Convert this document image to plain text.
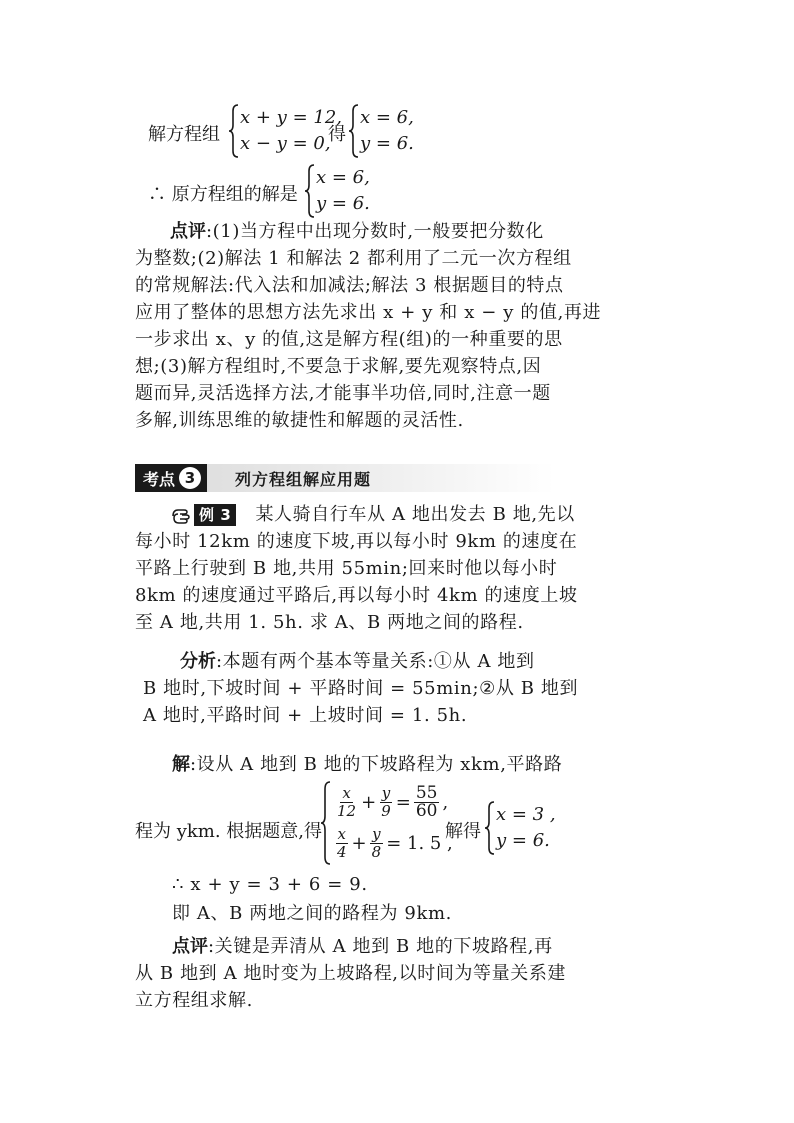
解方程组
x + y = 12,
x − y = 0,
得
x = 6,
y = 6.
∴ 原方程组的解是
x = 6,
y = 6.
点评:(1)当方程中出现分数时,一般要把分数化
为整数;(2)解法 1 和解法 2 都利用了二元一次方程组
的常规解法:代入法和加减法;解法 3 根据题目的特点
应用了整体的思想方法先求出 x + y 和 x − y 的值,再进
一步求出 x、y 的值,这是解方程(组)的一种重要的思
想;(3)解方程组时,不要急于求解,要先观察特点,因
题而异,灵活选择方法,才能事半功倍,同时,注意一题
多解,训练思维的敏捷性和解题的灵活性.
考点 3	列方程组解应用题
例 3 某人骑自行车从 A 地出发去 B 地,先以
每小时 12km 的速度下坡,再以每小时 9km 的速度在
平路上行驶到 B 地,共用 55min;回来时他以每小时
8km 的速度通过平路后,再以每小时 4km 的速度上坡
至 A 地,共用 1. 5h. 求 A、B 两地之间的路程.
分析:本题有两个基本等量关系:①从 A 地到
B 地时,下坡时间 + 平路时间 = 55min;②从 B 地到
A 地时,平路时间 + 上坡时间 = 1. 5h.
解:设从 A 地到 B 地的下坡路程为 xkm,平路路
程为 ykm. 根据题意,得
$\frac{x}{12} + \frac{y}{9} = \frac{55}{60}$ ,
$\frac{x}{4} + \frac{y}{8} = 1$. 5 ,
解得
x = 3 ,
y = 6.
∴ x + y = 3 + 6 = 9.
即 A、B 两地之间的路程为 9km.
点评:关键是弄清从 A 地到 B 地的下坡路程,再
从 B 地到 A 地时变为上坡路程,以时间为等量关系建
立方程组求解.
